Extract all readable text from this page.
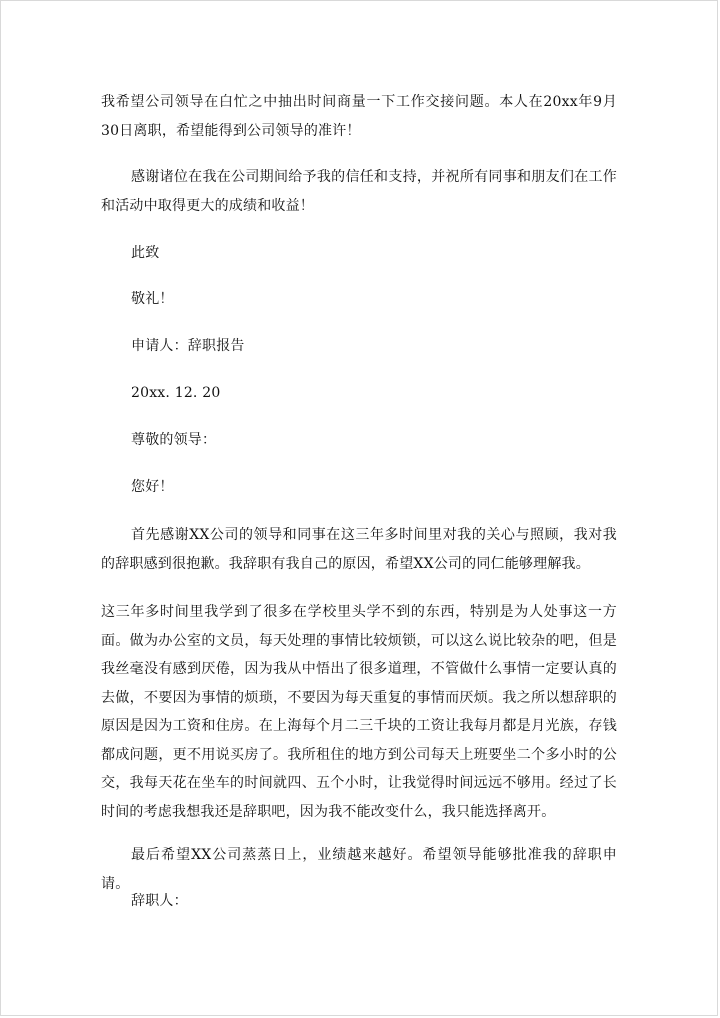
我希望公司领导在白忙之中抽出时间商量一下工作交接问题。本人在20xx年9月30日离职，希望能得到公司领导的准许！

感谢诸位在我在公司期间给予我的信任和支持，并祝所有同事和朋友们在工作和活动中取得更大的成绩和收益！

此致

敬礼！

申请人：辞职报告

20xx. 12. 20

尊敬的领导：

您好！

首先感谢XX公司的领导和同事在这三年多时间里对我的关心与照顾，我对我的辞职感到很抱歉。我辞职有我自己的原因，希望XX公司的同仁能够理解我。

这三年多时间里我学到了很多在学校里头学不到的东西，特别是为人处事这一方面。做为办公室的文员，每天处理的事情比较烦锁，可以这么说比较杂的吧，但是我丝毫没有感到厌倦，因为我从中悟出了很多道理，不管做什么事情一定要认真的去做，不要因为事情的烦琐，不要因为每天重复的事情而厌烦。我之所以想辞职的原因是因为工资和住房。在上海每个月二三千块的工资让我每月都是月光族，存钱都成问题，更不用说买房了。我所租住的地方到公司每天上班要坐二个多小时的公交，我每天花在坐车的时间就四、五个小时，让我觉得时间远远不够用。经过了长时间的考虑我想我还是辞职吧，因为我不能改变什么，我只能选择离开。

最后希望XX公司蒸蒸日上，业绩越来越好。希望领导能够批准我的辞职申请。

辞职人：
